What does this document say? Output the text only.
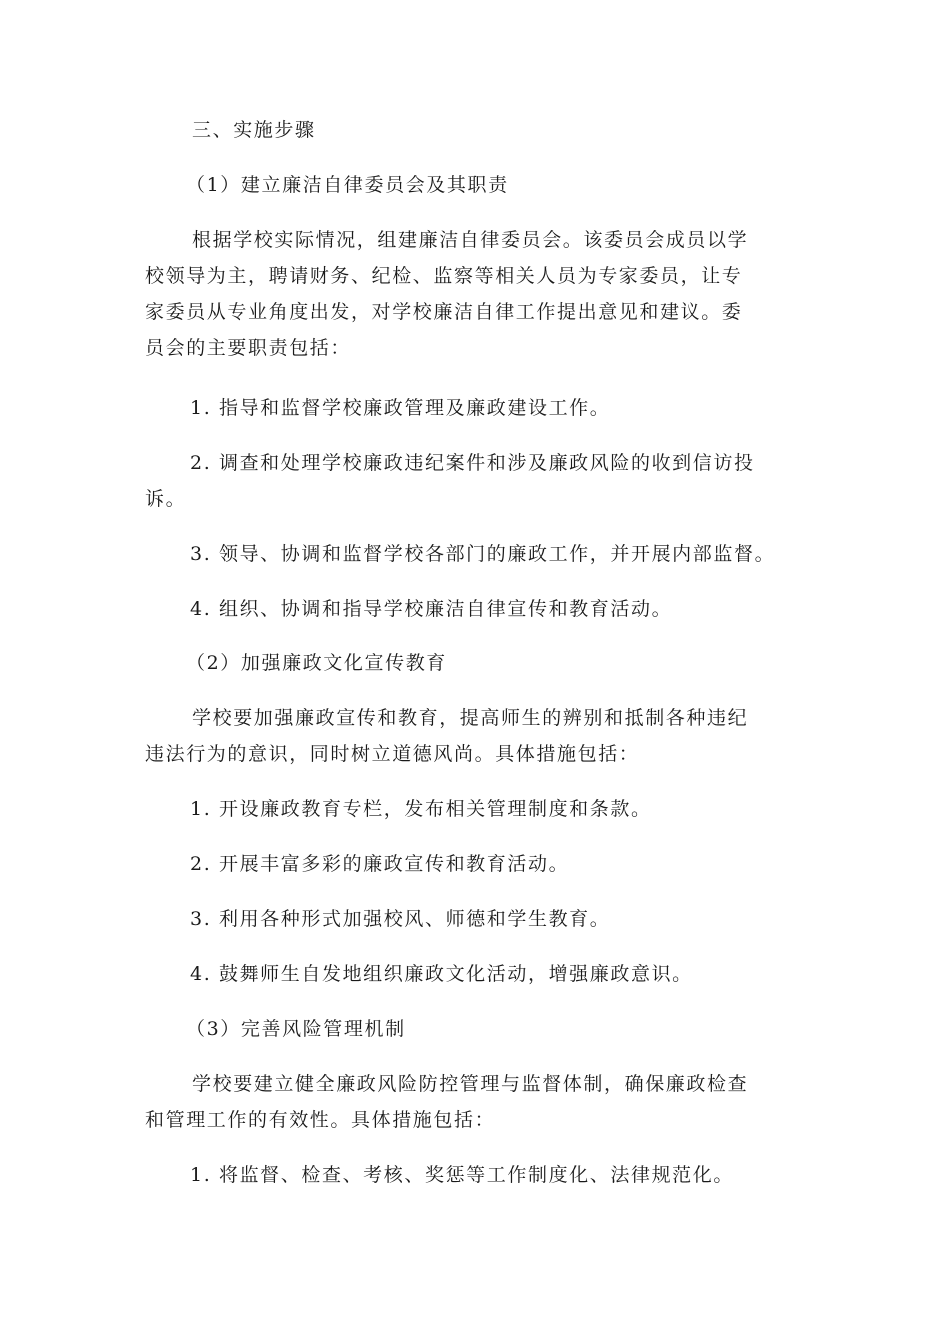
三、实施步骤
（1）建立廉洁自律委员会及其职责
根据学校实际情况，组建廉洁自律委员会。该委员会成员以学
校领导为主，聘请财务、纪检、监察等相关人员为专家委员，让专
家委员从专业角度出发，对学校廉洁自律工作提出意见和建议。委
员会的主要职责包括：
1. 指导和监督学校廉政管理及廉政建设工作。
2. 调查和处理学校廉政违纪案件和涉及廉政风险的收到信访投
诉。
3. 领导、协调和监督学校各部门的廉政工作，并开展内部监督。
4. 组织、协调和指导学校廉洁自律宣传和教育活动。
（2）加强廉政文化宣传教育
学校要加强廉政宣传和教育，提高师生的辨别和抵制各种违纪
违法行为的意识，同时树立道德风尚。具体措施包括：
1. 开设廉政教育专栏，发布相关管理制度和条款。
2. 开展丰富多彩的廉政宣传和教育活动。
3. 利用各种形式加强校风、师德和学生教育。
4. 鼓舞师生自发地组织廉政文化活动，增强廉政意识。
（3）完善风险管理机制
学校要建立健全廉政风险防控管理与监督体制，确保廉政检查
和管理工作的有效性。具体措施包括：
1. 将监督、检查、考核、奖惩等工作制度化、法律规范化。
